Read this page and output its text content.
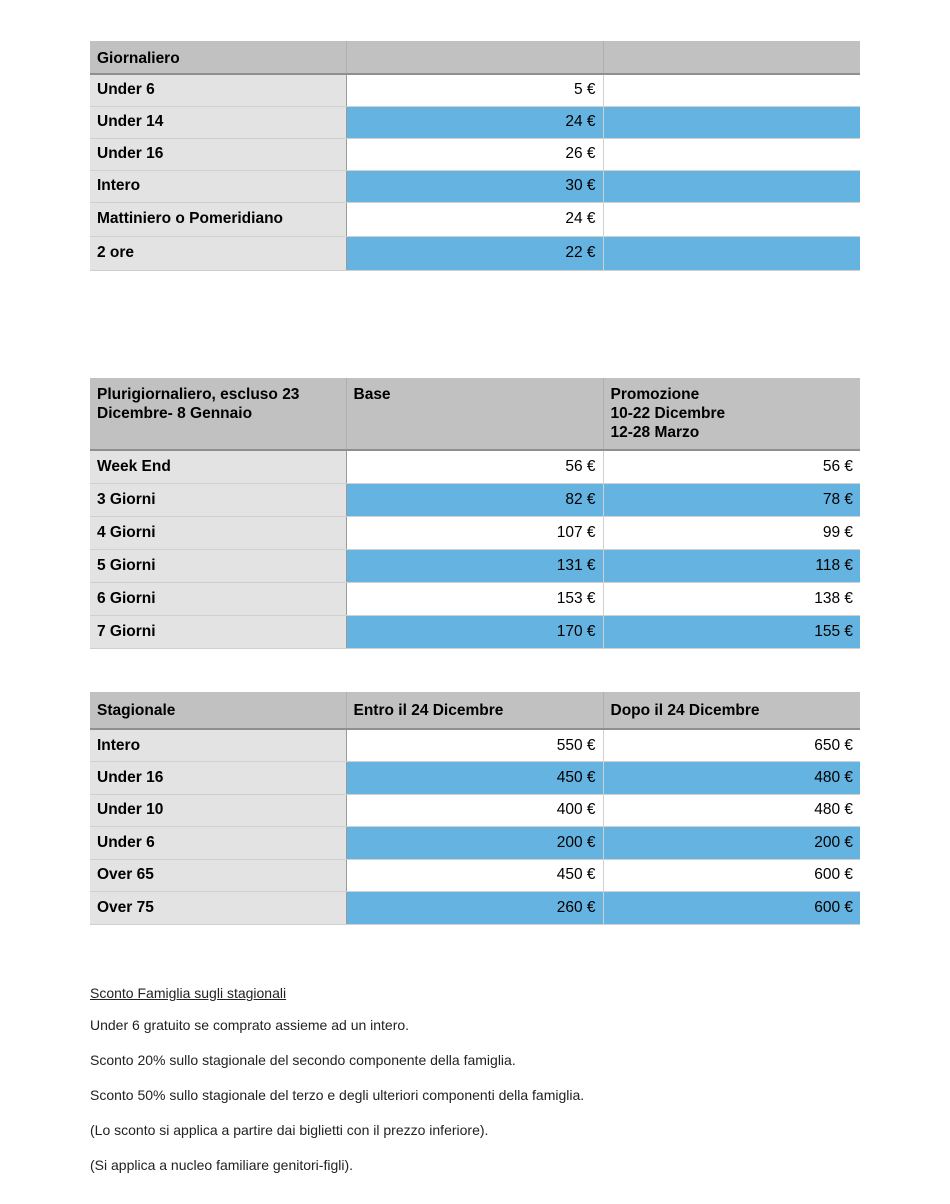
Giornaliero		
Under 6	5 €	
Under 14	24 €	
Under 16	26 €	
Intero	30 €	
Mattiniero o Pomeridiano	24 €	
2 ore	22 €	
Plurigiornaliero, escluso 23 Dicembre- 8 Gennaio	Base	Promozione
10-22 Dicembre
12-28 Marzo

Week End	56 €	56 €
3 Giorni	82 €	78 €
4 Giorni	107 €	99 €
5 Giorni	131 €	118 €
6 Giorni	153 €	138 €
7 Giorni	170 €	155 €
Stagionale	Entro il 24 Dicembre	Dopo il 24 Dicembre
Intero	550 €	650 €
Under 16	450 €	480 €
Under 10	400 €	480 €
Under 6	200 €	200 €
Over 65	450 €	600 €
Over 75	260 €	600 €
Sconto Famiglia sugli stagionali
Under 6 gratuito se comprato assieme ad un intero.
Sconto 20% sullo stagionale del secondo componente della famiglia.
Sconto 50% sullo stagionale del terzo e degli ulteriori componenti della famiglia.
(Lo sconto si applica a partire dai biglietti con il prezzo inferiore).
(Si applica a nucleo familiare genitori-figli).
